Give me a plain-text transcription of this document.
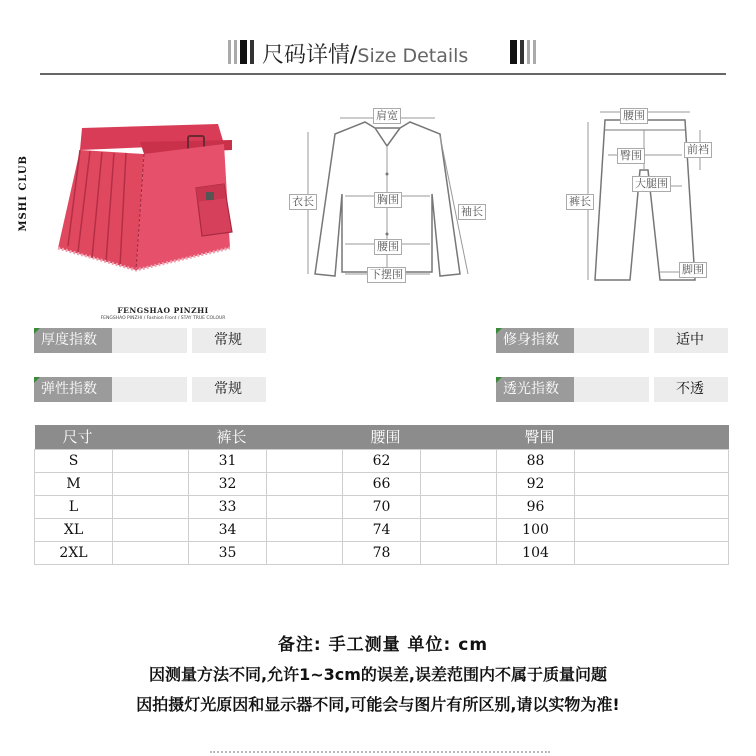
尺码详情/Size Details
MSHI CLUB
FENGSHAO PINZHI
FENGSHAO PINZHI / Fashion Front / STAY TRUE COLOUR
肩宽
衣长	胸围
袖长
腰围
下摆围
腰围
臀围	前裆
大腿围
裤长
脚围
厚度指数	常规	修身指数	适中
弹性指数	常规	透光指数	不透
尺寸		裤长		腰围		臀围	
S		31		62		88	
M		32		66		92	
L		33		70		96	
XL		34		74		100	
2XL		35		78		104	
备注: 手工测量 单位: cm
因测量方法不同,允许1~3cm的误差,误差范围内不属于质量问题
因拍摄灯光原因和显示器不同,可能会与图片有所区别,请以实物为准!
